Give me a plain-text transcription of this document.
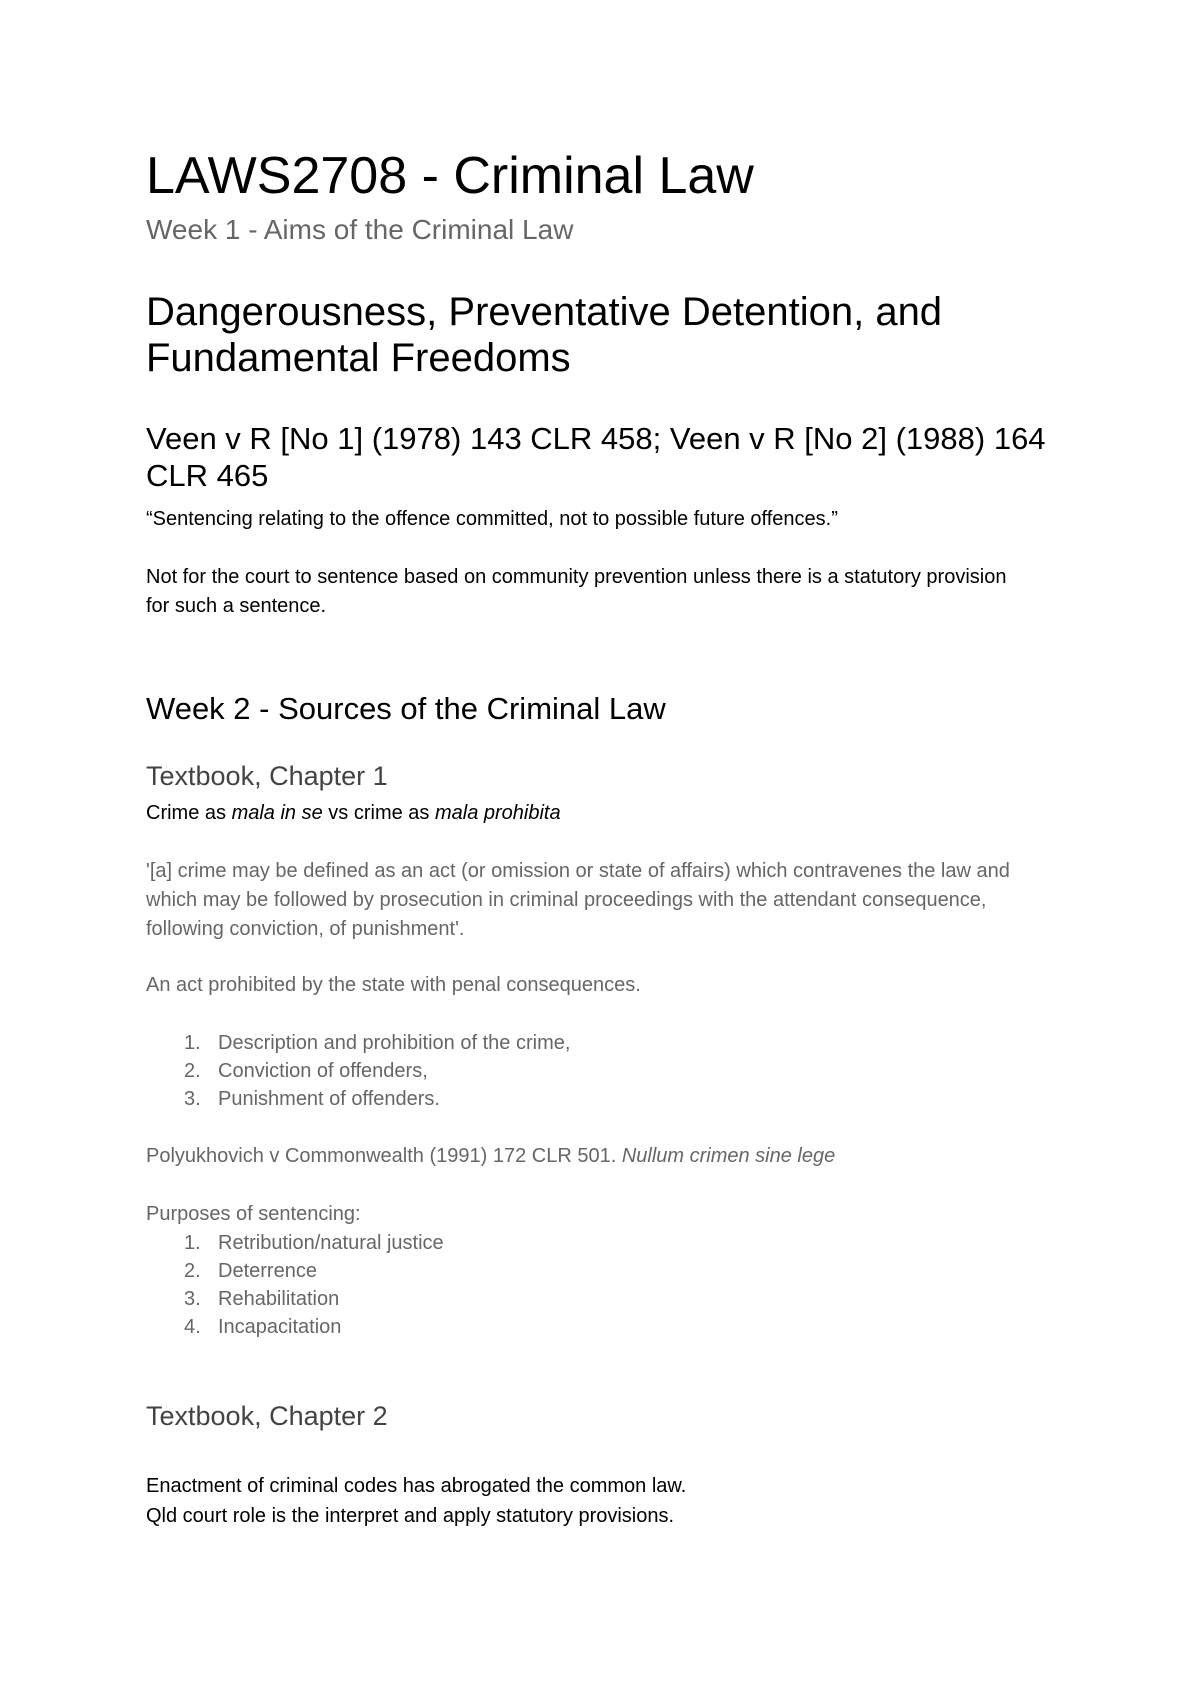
LAWS2708 - Criminal Law
Week 1 - Aims of the Criminal Law
Dangerousness, Preventative Detention, and Fundamental Freedoms
Veen v R [No 1] (1978) 143 CLR 458; Veen v R [No 2] (1988) 164 CLR 465
“Sentencing relating to the offence committed, not to possible future offences.”
Not for the court to sentence based on community prevention unless there is a statutory provision for such a sentence.
Week 2 - Sources of the Criminal Law
Textbook, Chapter 1
Crime as mala in se vs crime as mala prohibita
'[a] crime may be defined as an act (or omission or state of affairs) which contravenes the law and which may be followed by prosecution in criminal proceedings with the attendant consequence, following conviction, of punishment'.
An act prohibited by the state with penal consequences.
1. Description and prohibition of the crime,
2. Conviction of offenders,
3. Punishment of offenders.
Polyukhovich v Commonwealth (1991) 172 CLR 501. Nullum crimen sine lege
Purposes of sentencing:
1. Retribution/natural justice
2. Deterrence
3. Rehabilitation
4. Incapacitation
Textbook, Chapter 2
Enactment of criminal codes has abrogated the common law.
Qld court role is the interpret and apply statutory provisions.
